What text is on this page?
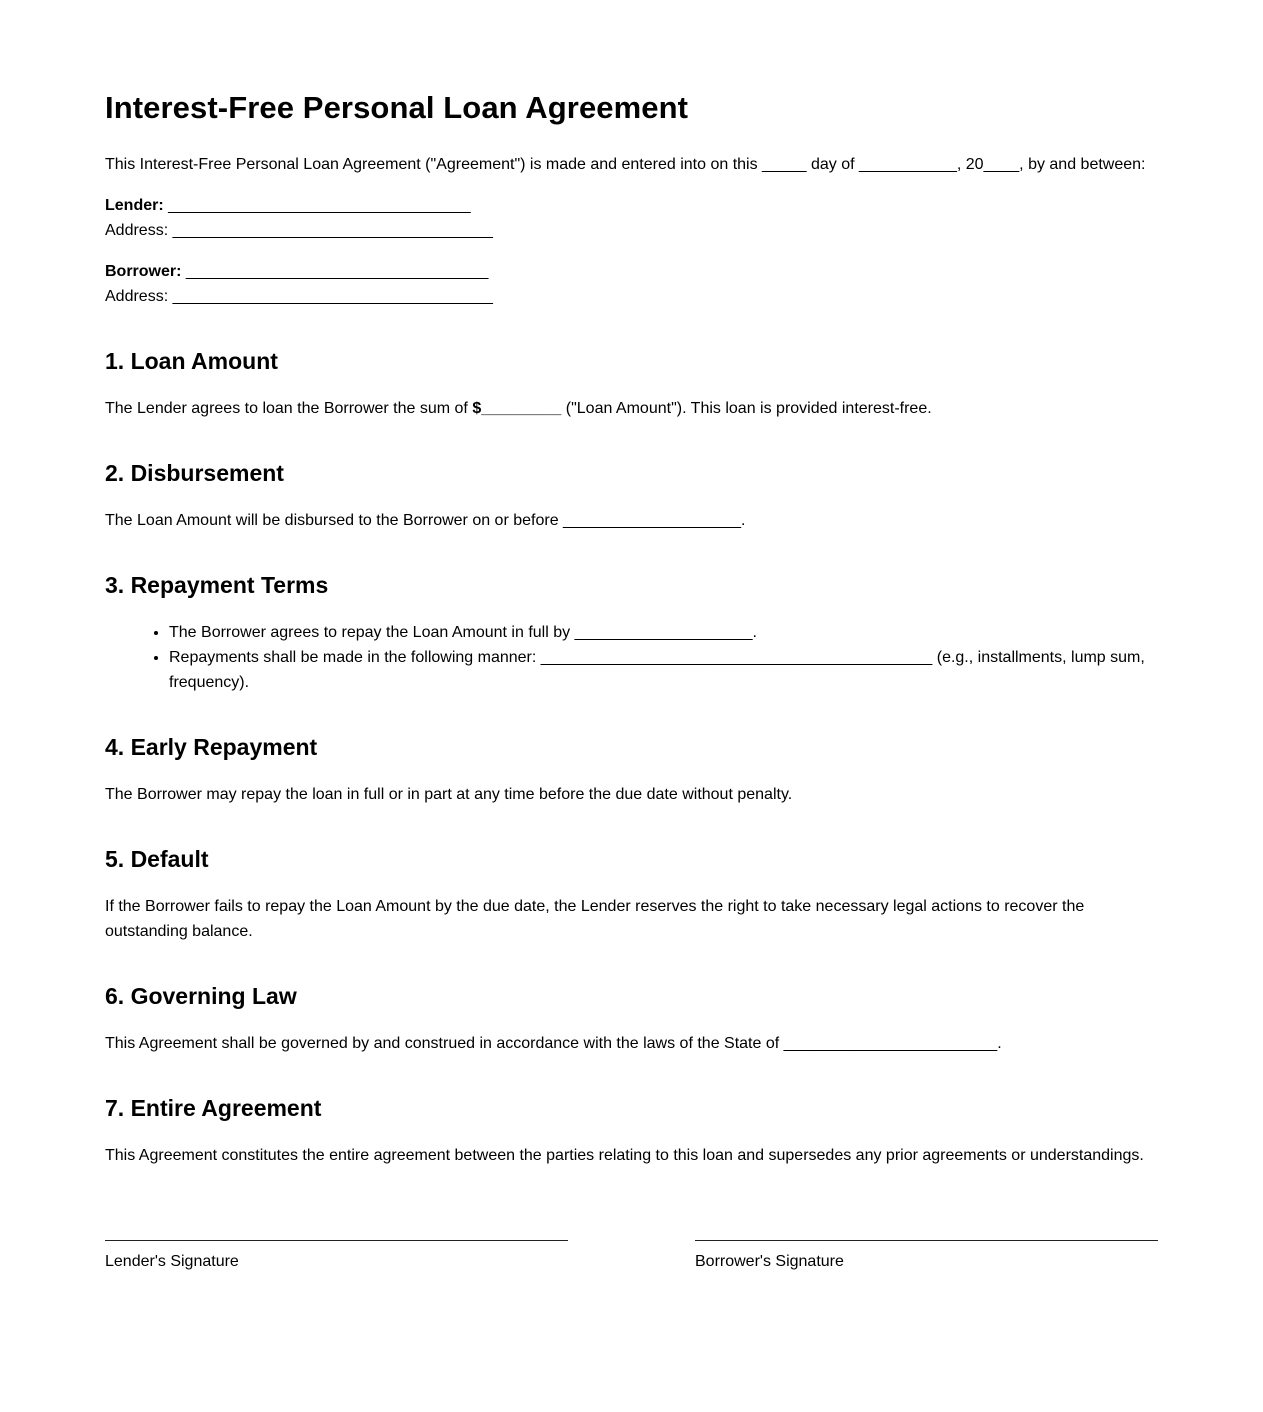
Interest-Free Personal Loan Agreement

This Interest-Free Personal Loan Agreement ("Agreement") is made and entered into on this _____ day of ___________, 20____, by and between:

Lender: __________________________________
Address: ____________________________________
Borrower: __________________________________
Address: ____________________________________
1. Loan Amount

The Lender agrees to loan the Borrower the sum of $_________ ("Loan Amount"). This loan is provided interest-free.

2. Disbursement

The Loan Amount will be disbursed to the Borrower on or before ____________________.

3. Repayment Terms
• The Borrower agrees to repay the Loan Amount in full by ____________________.
• Repayments shall be made in the following manner: ____________________________________________ (e.g., installments, lump sum, frequency).
4. Early Repayment

The Borrower may repay the loan in full or in part at any time before the due date without penalty.

5. Default

If the Borrower fails to repay the Loan Amount by the due date, the Lender reserves the right to take necessary legal actions to recover the outstanding balance.

6. Governing Law

This Agreement shall be governed by and construed in accordance with the laws of the State of ________________________.

7. Entire Agreement

This Agreement constitutes the entire agreement between the parties relating to this loan and supersedes any prior agreements or understandings.

Lender's Signature	Borrower's Signature
